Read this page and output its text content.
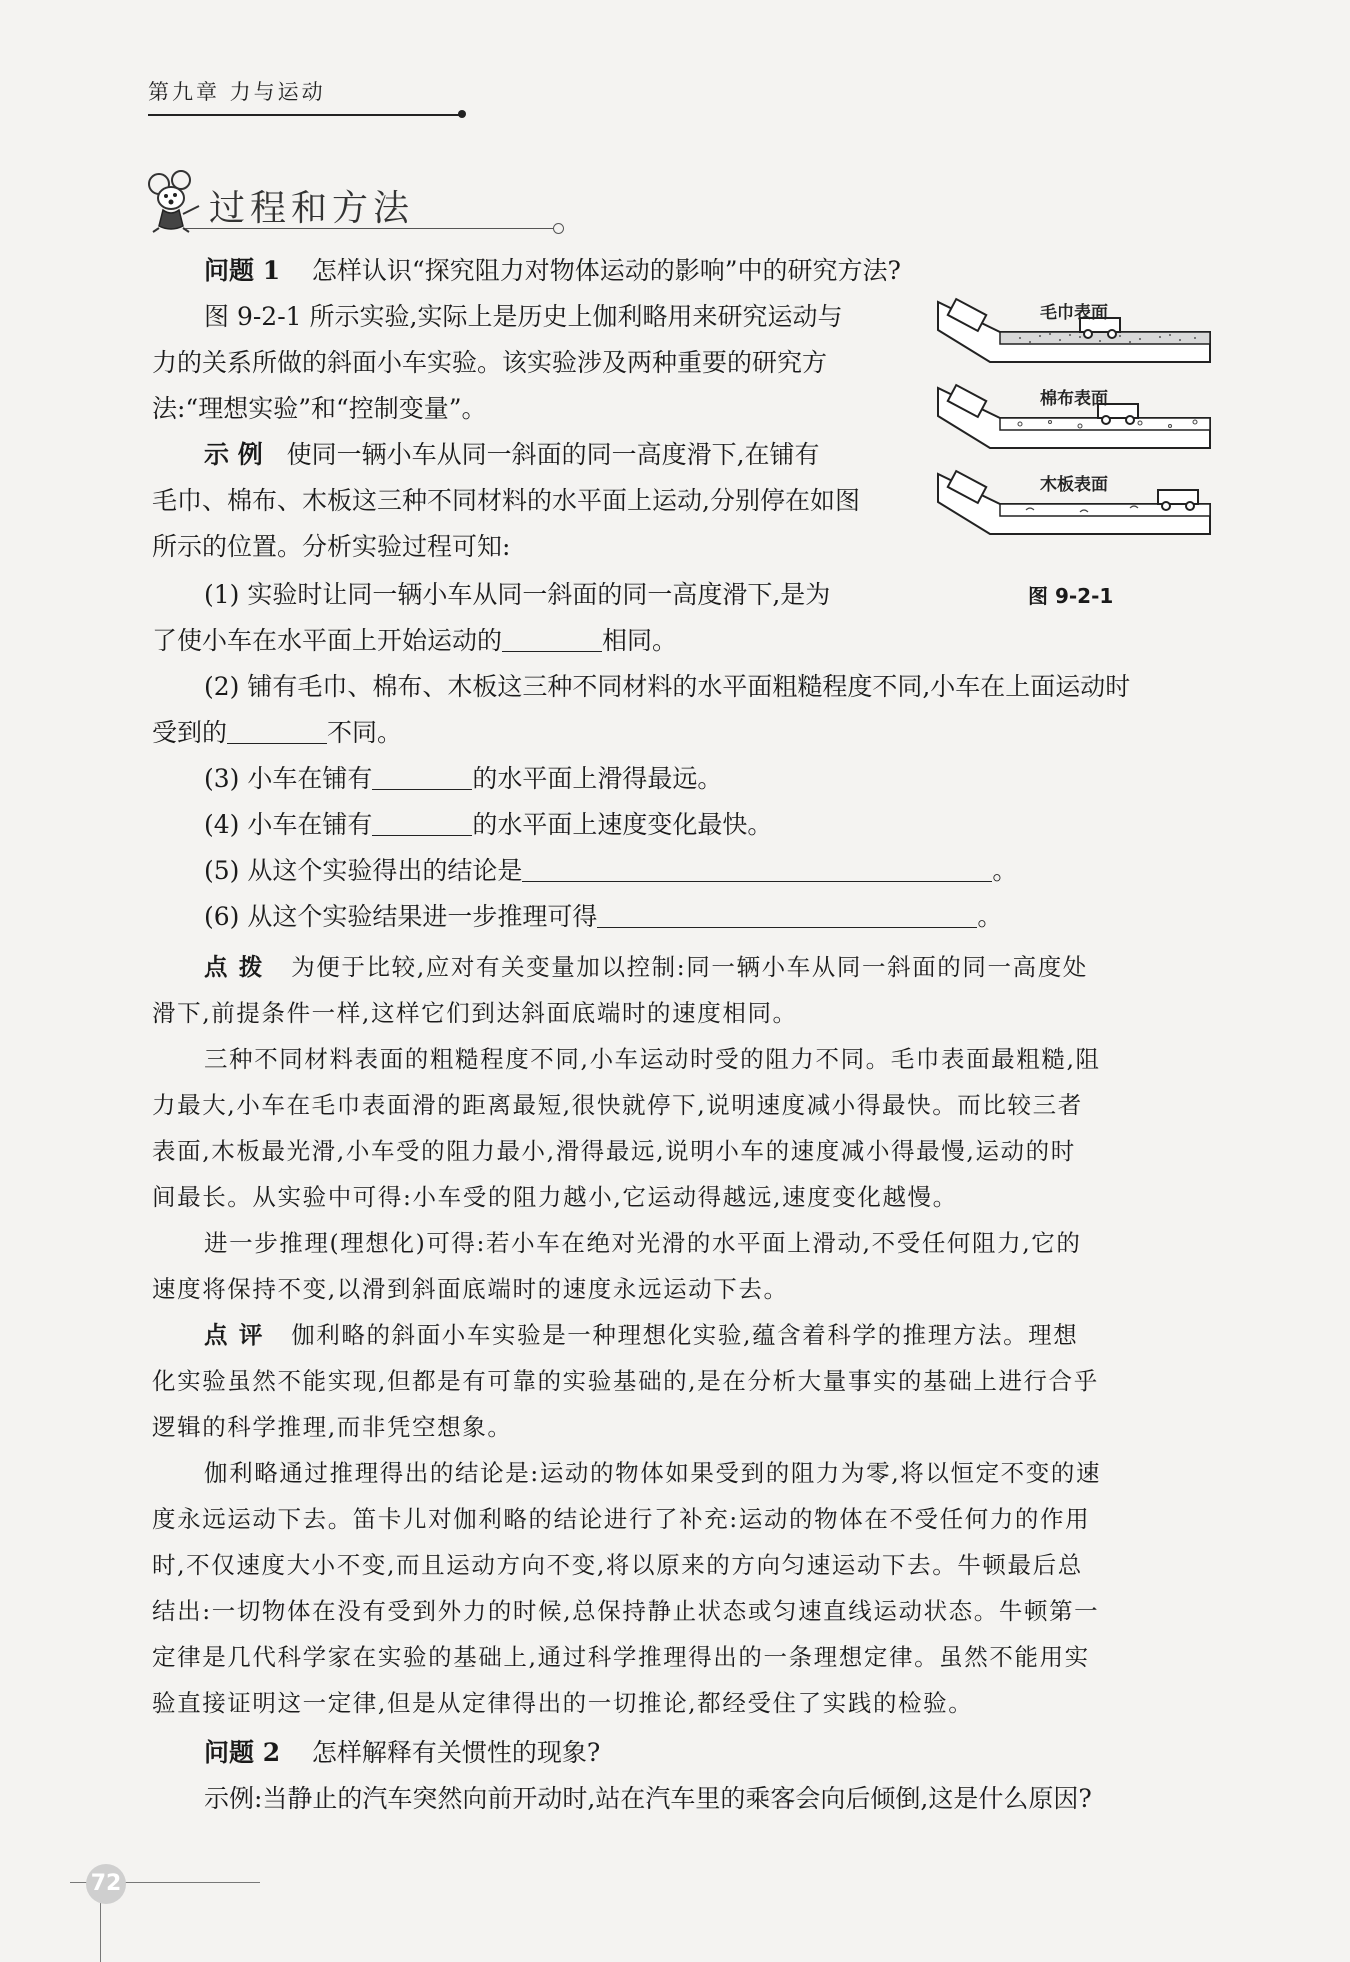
第九章 力与运动
过程和方法
问题 1 怎样认识“探究阻力对物体运动的影响”中的研究方法?
图 9-2-1 所示实验,实际上是历史上伽利略用来研究运动与
力的关系所做的斜面小车实验。该实验涉及两种重要的研究方
法:“理想实验”和“控制变量”。
示 例 使同一辆小车从同一斜面的同一高度滑下,在铺有
毛巾、棉布、木板这三种不同材料的水平面上运动,分别停在如图
所示的位置。分析实验过程可知:
毛巾表面
棉布表面
木板表面
图 9-2-1
(1) 实验时让同一辆小车从同一斜面的同一高度滑下,是为
了使小车在水平面上开始运动的	相同。
(2) 铺有毛巾、棉布、木板这三种不同材料的水平面粗糙程度不同,小车在上面运动时
受到的	不同。
(3) 小车在铺有	的水平面上滑得最远。
(4) 小车在铺有	的水平面上速度变化最快。
(5) 从这个实验得出的结论是	。
(6) 从这个实验结果进一步推理可得	。
点 拨 为便于比较,应对有关变量加以控制:同一辆小车从同一斜面的同一高度处
滑下,前提条件一样,这样它们到达斜面底端时的速度相同。
三种不同材料表面的粗糙程度不同,小车运动时受的阻力不同。毛巾表面最粗糙,阻
力最大,小车在毛巾表面滑的距离最短,很快就停下,说明速度减小得最快。而比较三者
表面,木板最光滑,小车受的阻力最小,滑得最远,说明小车的速度减小得最慢,运动的时
间最长。从实验中可得:小车受的阻力越小,它运动得越远,速度变化越慢。
进一步推理(理想化)可得:若小车在绝对光滑的水平面上滑动,不受任何阻力,它的
速度将保持不变,以滑到斜面底端时的速度永远运动下去。
点 评 伽利略的斜面小车实验是一种理想化实验,蕴含着科学的推理方法。理想
化实验虽然不能实现,但都是有可靠的实验基础的,是在分析大量事实的基础上进行合乎
逻辑的科学推理,而非凭空想象。
伽利略通过推理得出的结论是:运动的物体如果受到的阻力为零,将以恒定不变的速
度永远运动下去。笛卡儿对伽利略的结论进行了补充:运动的物体在不受任何力的作用
时,不仅速度大小不变,而且运动方向不变,将以原来的方向匀速运动下去。牛顿最后总
结出:一切物体在没有受到外力的时候,总保持静止状态或匀速直线运动状态。牛顿第一
定律是几代科学家在实验的基础上,通过科学推理得出的一条理想定律。虽然不能用实
验直接证明这一定律,但是从定律得出的一切推论,都经受住了实践的检验。
问题 2 怎样解释有关惯性的现象?
示例:当静止的汽车突然向前开动时,站在汽车里的乘客会向后倾倒,这是什么原因?
72
